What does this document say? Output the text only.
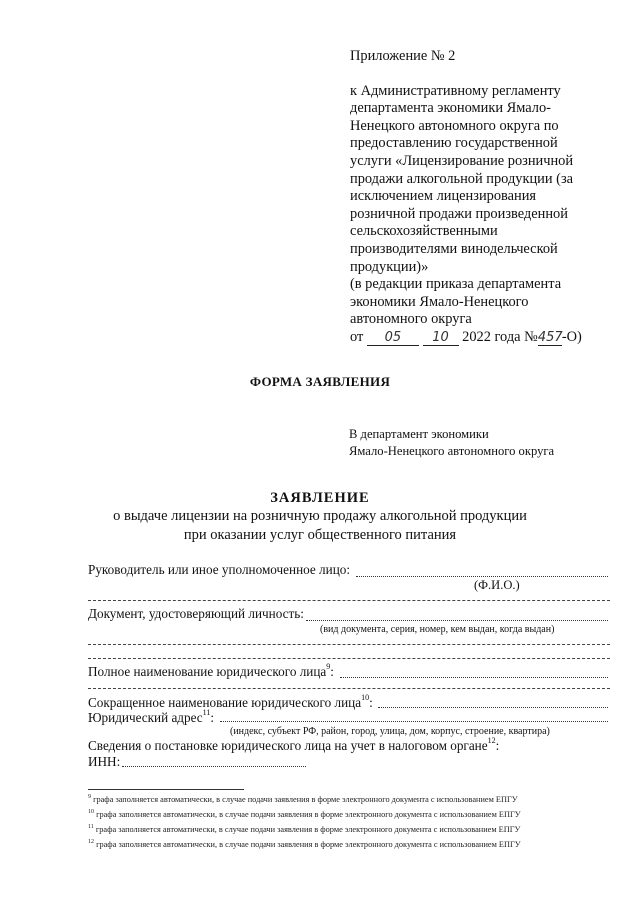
Приложение № 2
к Административному регламенту
департамента экономики Ямало-
Ненецкого автономного округа по
предоставлению государственной
услуги «Лицензирование розничной
продажи алкогольной продукции (за
исключением лицензирования
розничной продажи произведенной
сельскохозяйственными
производителями винодельческой
продукции)»
(в редакции приказа департамента
экономики Ямало-Ненецкого
автономного округа
от 05 10 2022 года №457-О)
ФОРМА ЗАЯВЛЕНИЯ
В департамент экономики
Ямало-Ненецкого автономного округа
ЗАЯВЛЕНИЕ
о выдаче лицензии на розничную продажу алкогольной продукции
при оказании услуг общественного питания
Руководитель или иное уполномоченное лицо:
(Ф.И.О.)
Документ, удостоверяющий личность:
(вид документа, серия, номер, кем выдан, когда выдан)
Полное наименование юридического лица$^9$:
Сокращенное наименование юридического лица$^{10}$:
Юридический адрес$^{11}$:
(индекс, субъект РФ, район, город, улица, дом, корпус, строение, квартира)
Сведения о постановке юридического лица на учет в налоговом органе$^{12}$:
ИНН:
$^9$ графа заполняется автоматически, в случае подачи заявления в форме электронного документа с использованием ЕПГУ
$^{10}$ графа заполняется автоматически, в случае подачи заявления в форме электронного документа с использованием ЕПГУ
$^{11}$ графа заполняется автоматически, в случае подачи заявления в форме электронного документа с использованием ЕПГУ
$^{12}$ графа заполняется автоматически, в случае подачи заявления в форме электронного документа с использованием ЕПГУ
